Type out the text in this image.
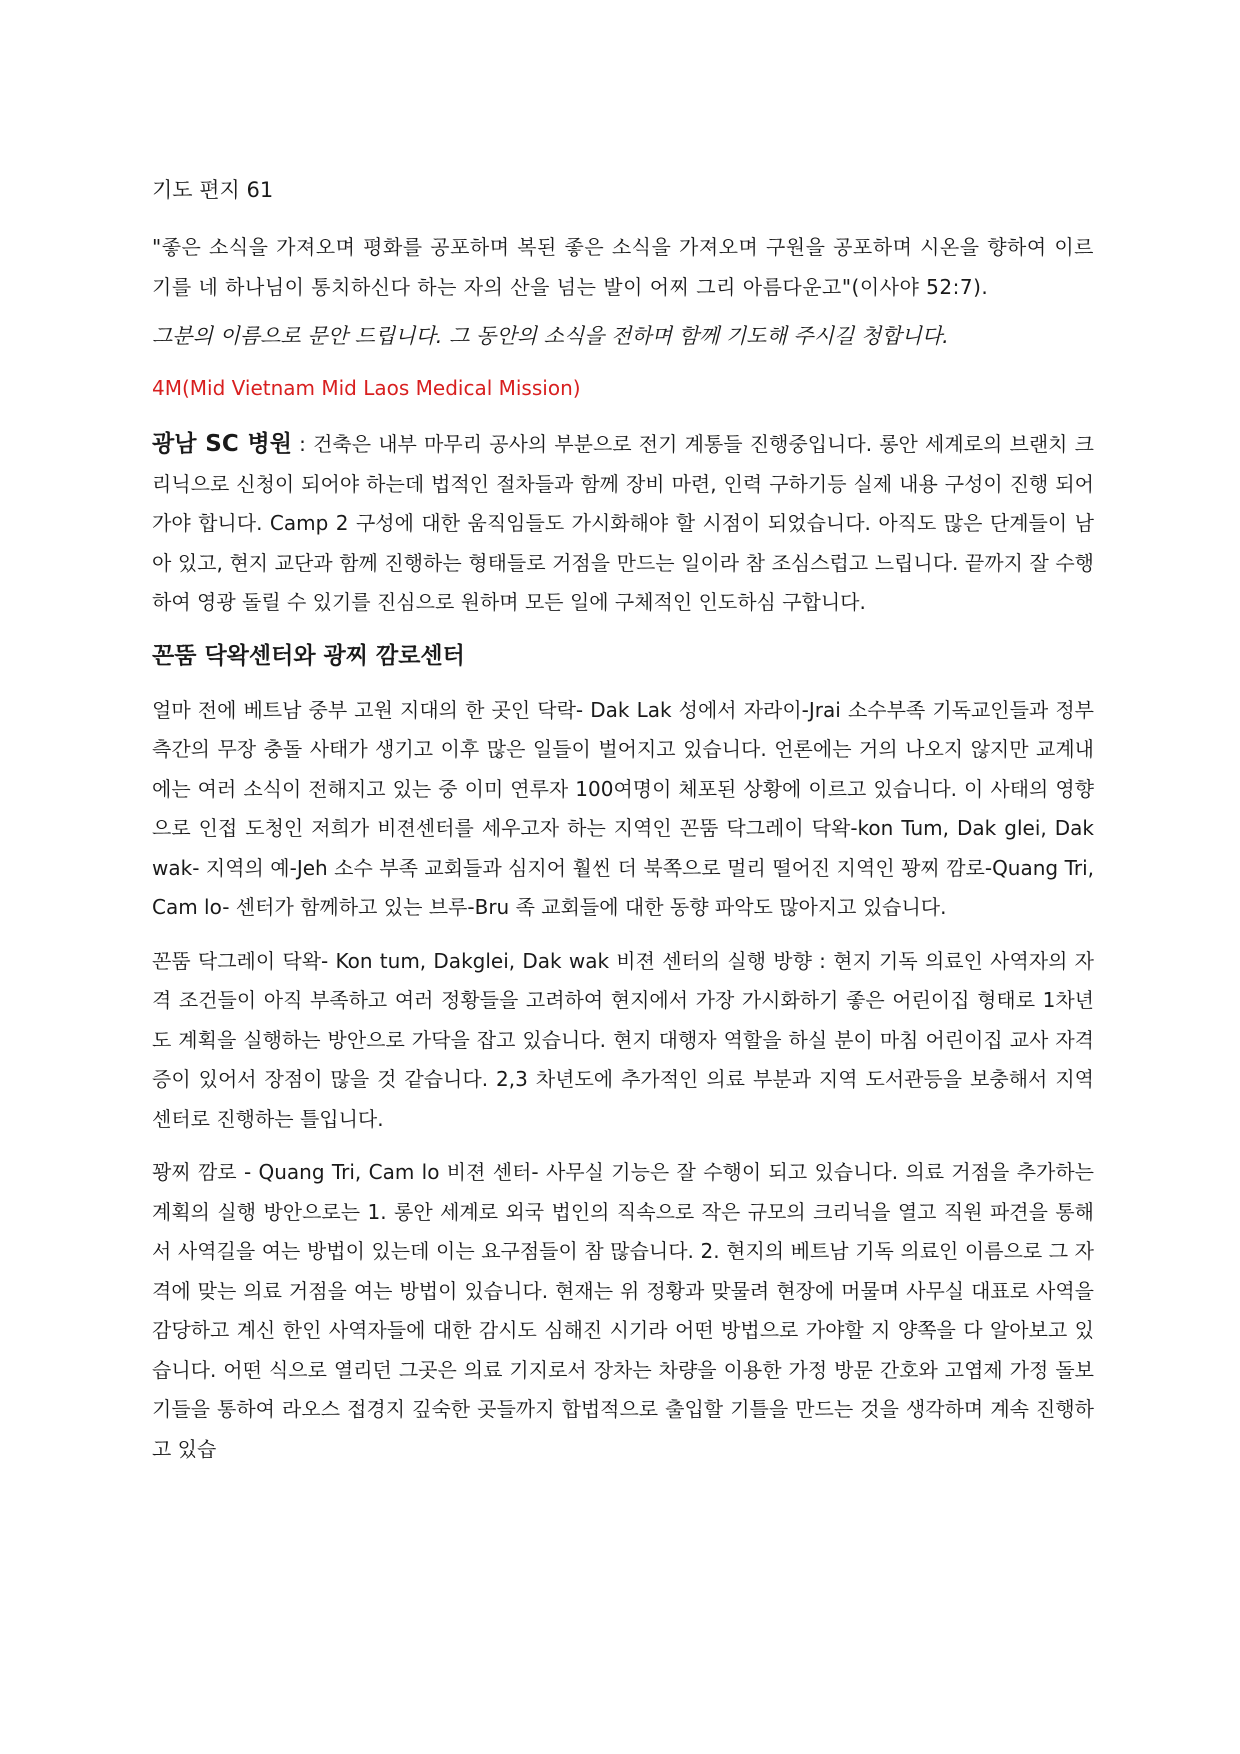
기도 편지 61

"좋은 소식을 가져오며 평화를 공포하며 복된 좋은 소식을 가져오며 구원을 공포하며 시온을 향하여 이르기를 네 하나님이 통치하신다 하는 자의 산을 넘는 발이 어찌 그리 아름다운고"(이사야 52:7).

그분의 이름으로 문안 드립니다. 그 동안의 소식을 전하며 함께 기도해 주시길 청합니다.

4M(Mid Vietnam Mid Laos Medical Mission)

광남 SC 병원 : 건축은 내부 마무리 공사의 부분으로 전기 계통들 진행중입니다. 롱안 세계로의 브랜치 크리닉으로 신청이 되어야 하는데 법적인 절차들과 함께 장비 마련, 인력 구하기등 실제 내용 구성이 진행 되어 가야 합니다. Camp 2 구성에 대한 움직임들도 가시화해야 할 시점이 되었습니다. 아직도 많은 단계들이 남아 있고, 현지 교단과 함께 진행하는 형태들로 거점을 만드는 일이라 참 조심스럽고 느립니다. 끝까지 잘 수행하여 영광 돌릴 수 있기를 진심으로 원하며 모든 일에 구체적인 인도하심 구합니다.

꼰뚬 닥왁센터와 광찌 깜로센터

얼마 전에 베트남 중부 고원 지대의 한 곳인 닥락- Dak Lak 성에서 자라이-Jrai 소수부족 기독교인들과 정부측간의 무장 충돌 사태가 생기고 이후 많은 일들이 벌어지고 있습니다. 언론에는 거의 나오지 않지만 교계내에는 여러 소식이 전해지고 있는 중 이미 연루자 100여명이 체포된 상황에 이르고 있습니다. 이 사태의 영향으로 인접 도청인 저희가 비젼센터를 세우고자 하는 지역인 꼰뚬 닥그레이 닥왁-kon Tum, Dak glei, Dak wak- 지역의 예-Jeh 소수 부족 교회들과 심지어 훨씬 더 북쪽으로 멀리 떨어진 지역인 꽝찌 깜로-Quang Tri, Cam lo- 센터가 함께하고 있는 브루-Bru 족 교회들에 대한 동향 파악도 많아지고 있습니다.

꼰뚬 닥그레이 닥왁- Kon tum, Dakglei, Dak wak 비젼 센터의 실행 방향 : 현지 기독 의료인 사역자의 자격 조건들이 아직 부족하고 여러 정황들을 고려하여 현지에서 가장 가시화하기 좋은 어린이집 형태로 1차년도 계획을 실행하는 방안으로 가닥을 잡고 있습니다. 현지 대행자 역할을 하실 분이 마침 어린이집 교사 자격증이 있어서 장점이 많을 것 같습니다. 2,3 차년도에 추가적인 의료 부분과 지역 도서관등을 보충해서 지역 센터로 진행하는 틀입니다.

꽝찌 깜로 - Quang Tri, Cam lo 비젼 센터- 사무실 기능은 잘 수행이 되고 있습니다. 의료 거점을 추가하는 계획의 실행 방안으로는 1. 롱안 세계로 외국 법인의 직속으로 작은 규모의 크리닉을 열고 직원 파견을 통해서 사역길을 여는 방법이 있는데 이는 요구점들이 참 많습니다. 2. 현지의 베트남 기독 의료인 이름으로 그 자격에 맞는 의료 거점을 여는 방법이 있습니다. 현재는 위 정황과 맞물려 현장에 머물며 사무실 대표로 사역을 감당하고 계신 한인 사역자들에 대한 감시도 심해진 시기라 어떤 방법으로 가야할 지 양쪽을 다 알아보고 있습니다. 어떤 식으로 열리던 그곳은 의료 기지로서 장차는 차량을 이용한 가정 방문 간호와 고엽제 가정 돌보기들을 통하여 라오스 접경지 깊숙한 곳들까지 합법적으로 출입할 기틀을 만드는 것을 생각하며 계속 진행하고 있습
